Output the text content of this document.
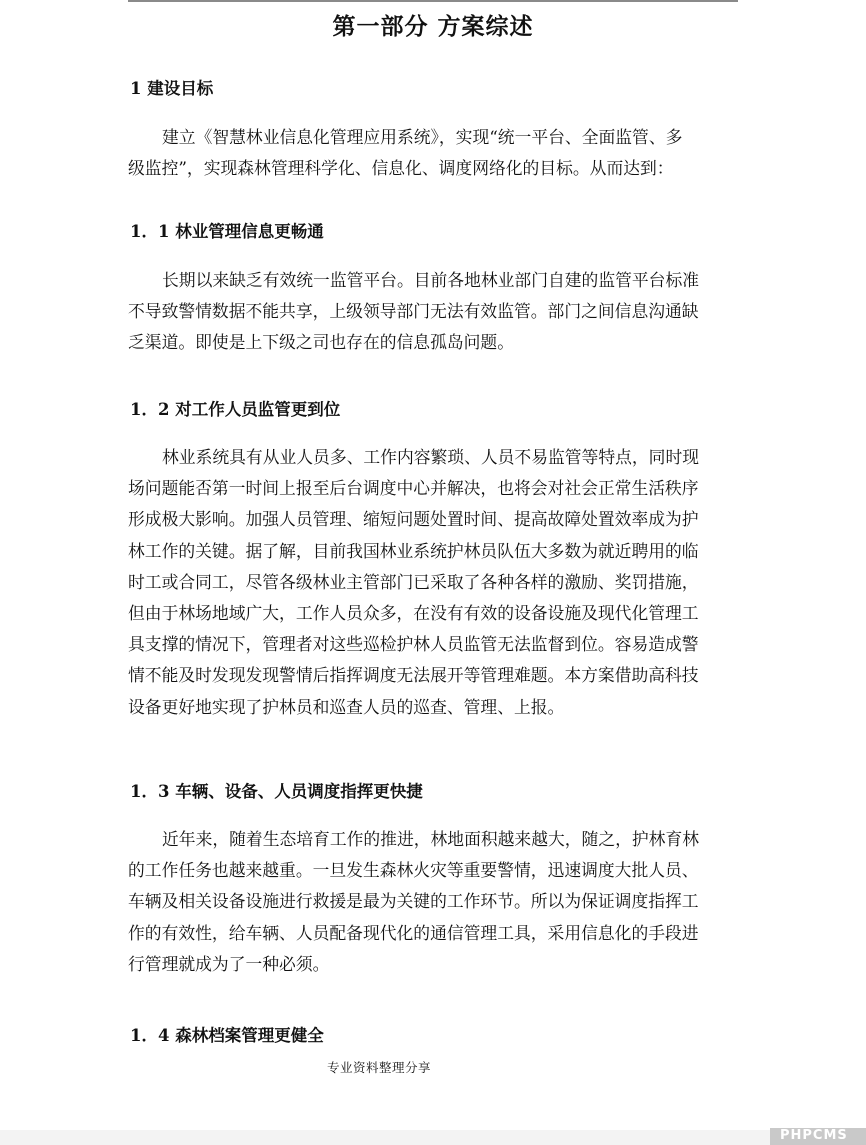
第一部分 方案综述
1 建设目标

建立《智慧林业信息化管理应用系统》，实现“统一平台、全面监管、多
级监控”，实现森林管理科学化、信息化、调度网络化的目标。从而达到：

1．1 林业管理信息更畅通

长期以来缺乏有效统一监管平台。目前各地林业部门自建的监管平台标准
不导致警情数据不能共享，上级领导部门无法有效监管。部门之间信息沟通缺
乏渠道。即使是上下级之司也存在的信息孤岛问题。

1．2 对工作人员监管更到位

林业系统具有从业人员多、工作内容繁琐、人员不易监管等特点，同时现
场问题能否第一时间上报至后台调度中心并解决，也将会对社会正常生活秩序
形成极大影响。加强人员管理、缩短问题处置时间、提高故障处置效率成为护
林工作的关键。据了解，目前我国林业系统护林员队伍大多数为就近聘用的临
时工或合同工，尽管各级林业主管部门已采取了各种各样的激励、奖罚措施，
但由于林场地域广大，工作人员众多，在没有有效的设备设施及现代化管理工
具支撑的情况下，管理者对这些巡检护林人员监管无法监督到位。容易造成警
情不能及时发现发现警情后指挥调度无法展开等管理难题。本方案借助高科技
设备更好地实现了护林员和巡查人员的巡查、管理、上报。

1．3 车辆、设备、人员调度指挥更快捷

近年来，随着生态培育工作的推进，林地面积越来越大，随之，护林育林
的工作任务也越来越重。一旦发生森林火灾等重要警情，迅速调度大批人员、
车辆及相关设备设施进行救援是最为关键的工作环节。所以为保证调度指挥工
作的有效性，给车辆、人员配备现代化的通信管理工具，采用信息化的手段进
行管理就成为了一种必须。

1．4 森林档案管理更健全
专业资料整理分享
PHPCMS
